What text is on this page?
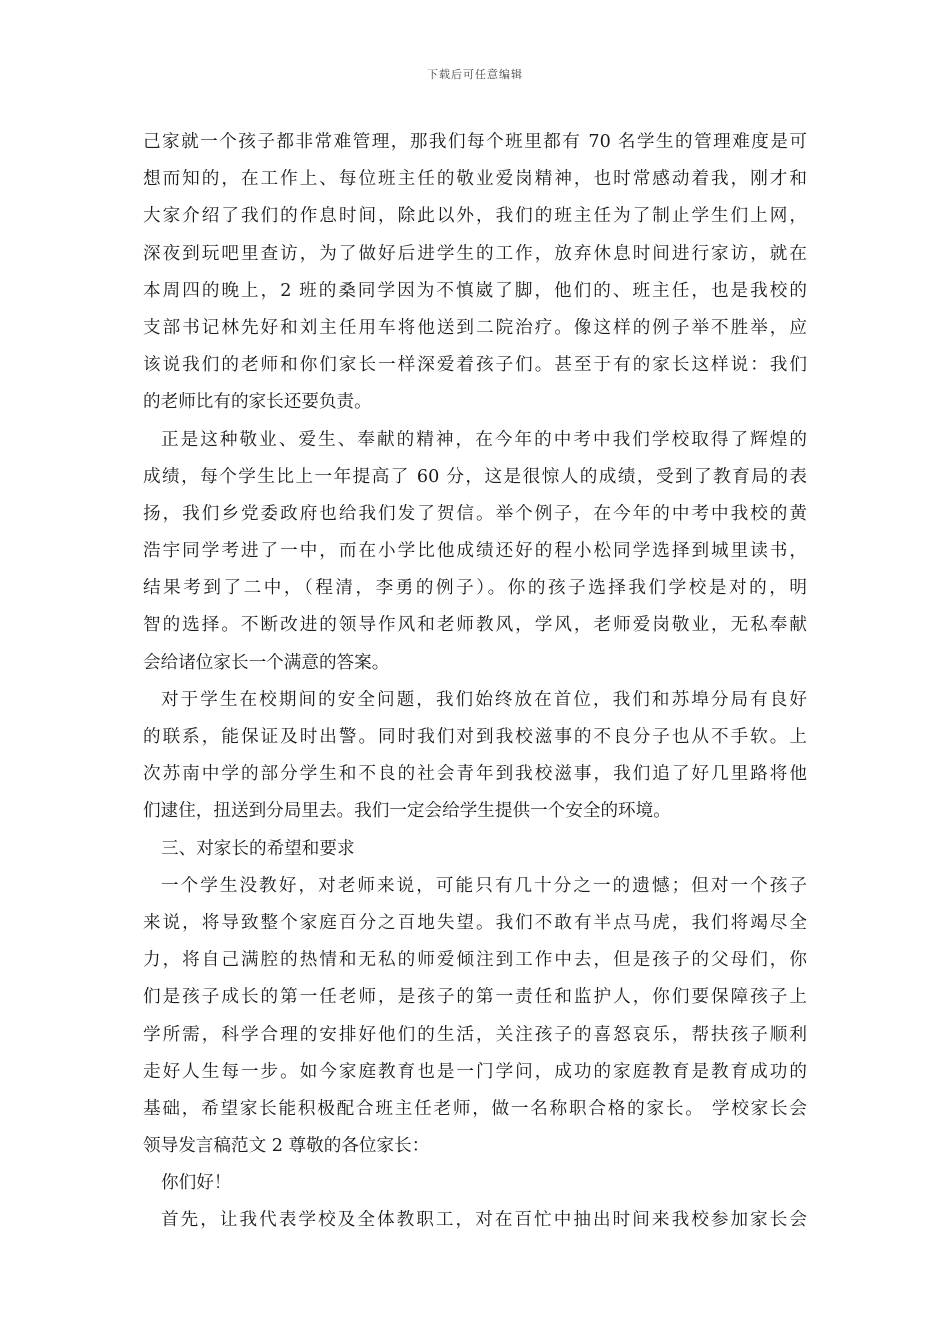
下载后可任意编辑
己家就一个孩子都非常难管理，那我们每个班里都有 70 名学生的管理难度是可
想而知的，在工作上、每位班主任的敬业爱岗精神，也时常感动着我，刚才和
大家介绍了我们的作息时间，除此以外，我们的班主任为了制止学生们上网，
深夜到玩吧里查访，为了做好后进学生的工作，放弃休息时间进行家访，就在
本周四的晚上，2 班的桑同学因为不慎崴了脚，他们的、班主任，也是我校的
支部书记林先好和刘主任用车将他送到二院治疗。像这样的例子举不胜举，应
该说我们的老师和你们家长一样深爱着孩子们。甚至于有的家长这样说：我们
的老师比有的家长还要负责。
正是这种敬业、爱生、奉献的精神，在今年的中考中我们学校取得了辉煌的
成绩，每个学生比上一年提高了 60 分，这是很惊人的成绩，受到了教育局的表
扬，我们乡党委政府也给我们发了贺信。举个例子，在今年的中考中我校的黄
浩宇同学考进了一中，而在小学比他成绩还好的程小松同学选择到城里读书，
结果考到了二中，（程清，李勇的例子）。你的孩子选择我们学校是对的，明
智的选择。不断改进的领导作风和老师教风，学风，老师爱岗敬业，无私奉献
会给诸位家长一个满意的答案。
对于学生在校期间的安全问题，我们始终放在首位，我们和苏埠分局有良好
的联系，能保证及时出警。同时我们对到我校滋事的不良分子也从不手软。上
次苏南中学的部分学生和不良的社会青年到我校滋事，我们追了好几里路将他
们逮住，扭送到分局里去。我们一定会给学生提供一个安全的环境。
三、对家长的希望和要求
一个学生没教好，对老师来说，可能只有几十分之一的遗憾；但对一个孩子
来说，将导致整个家庭百分之百地失望。我们不敢有半点马虎，我们将竭尽全
力，将自己满腔的热情和无私的师爱倾注到工作中去，但是孩子的父母们，你
们是孩子成长的第一任老师，是孩子的第一责任和监护人，你们要保障孩子上
学所需，科学合理的安排好他们的生活，关注孩子的喜怒哀乐，帮扶孩子顺利
走好人生每一步。如今家庭教育也是一门学问，成功的家庭教育是教育成功的
基础，希望家长能积极配合班主任老师，做一名称职合格的家长。 学校家长会
领导发言稿范文 2 尊敬的各位家长：
你们好！
首先，让我代表学校及全体教职工，对在百忙中抽出时间来我校参加家长会
